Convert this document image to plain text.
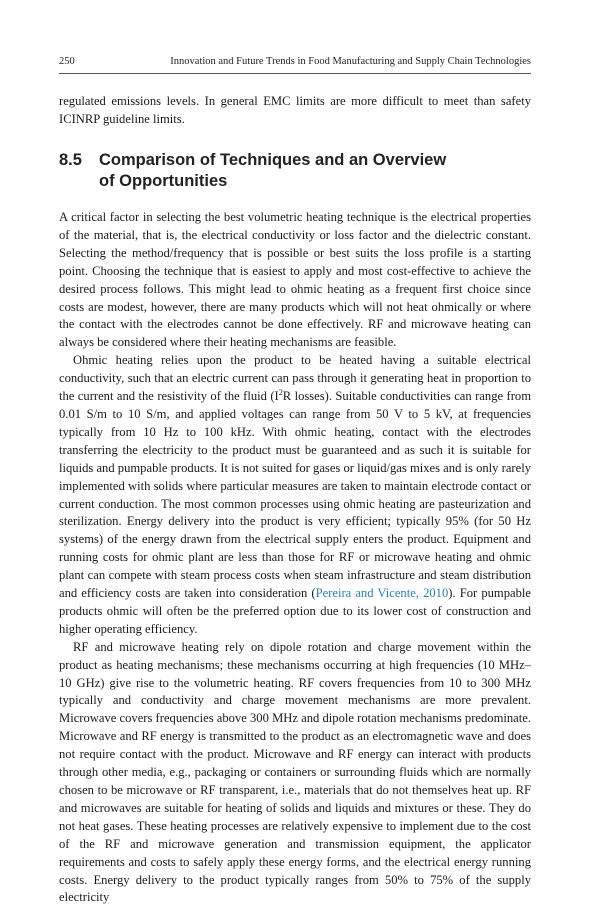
250	Innovation and Future Trends in Food Manufacturing and Supply Chain Technologies

regulated emissions levels. In general EMC limits are more difficult to meet than safety ICINRP guideline limits.

8.5 Comparison of Techniques and an Overview
of Opportunities

A critical factor in selecting the best volumetric heating technique is the electrical properties of the material, that is, the electrical conductivity or loss factor and the dielectric constant. Selecting the method/frequency that is possible or best suits the loss profile is a starting point. Choosing the technique that is easiest to apply and most cost-effective to achieve the desired process follows. This might lead to ohmic heating as a frequent first choice since costs are modest, however, there are many products which will not heat ohmically or where the contact with the electrodes cannot be done effectively. RF and microwave heating can always be considered where their heating mechanisms are feasible.

Ohmic heating relies upon the product to be heated having a suitable electrical conductivity, such that an electric current can pass through it generating heat in proportion to the current and the resistivity of the fluid ($I^2R$ losses). Suitable conductivities can range from 0.01 S/m to 10 S/m, and applied voltages can range from 50 V to 5 kV, at frequencies typically from 10 Hz to 100 kHz. With ohmic heating, contact with the electrodes transferring the electricity to the product must be guaranteed and as such it is suitable for liquids and pumpable products. It is not suited for gases or liquid/gas mixes and is only rarely implemented with solids where particular measures are taken to maintain electrode contact or current conduction. The most common processes using ohmic heating are pasteurization and sterilization. Energy delivery into the product is very efficient; typically 95% (for 50 Hz systems) of the energy drawn from the electrical supply enters the product. Equipment and running costs for ohmic plant are less than those for RF or microwave heating and ohmic plant can compete with steam process costs when steam infrastructure and steam distribution and efficiency costs are taken into consideration (Pereira and Vicente, 2010). For pumpable products ohmic will often be the preferred option due to its lower cost of construction and higher operating efficiency.

RF and microwave heating rely on dipole rotation and charge movement within the product as heating mechanisms; these mechanisms occurring at high frequencies (10 MHz–10 GHz) give rise to the volumetric heating. RF covers frequencies from 10 to 300 MHz typically and conductivity and charge movement mechanisms are more prevalent. Microwave covers frequencies above 300 MHz and dipole rotation mechanisms predominate. Microwave and RF energy is transmitted to the product as an electromagnetic wave and does not require contact with the product. Microwave and RF energy can interact with products through other media, e.g., packaging or containers or surrounding fluids which are normally chosen to be microwave or RF transparent, i.e., materials that do not themselves heat up. RF and microwaves are suitable for heating of solids and liquids and mixtures or these. They do not heat gases. These heating processes are relatively expensive to implement due to the cost of the RF and microwave generation and transmission equipment, the applicator requirements and costs to safely apply these energy forms, and the electrical energy running costs. Energy delivery to the product typically ranges from 50% to 75% of the supply electricity
